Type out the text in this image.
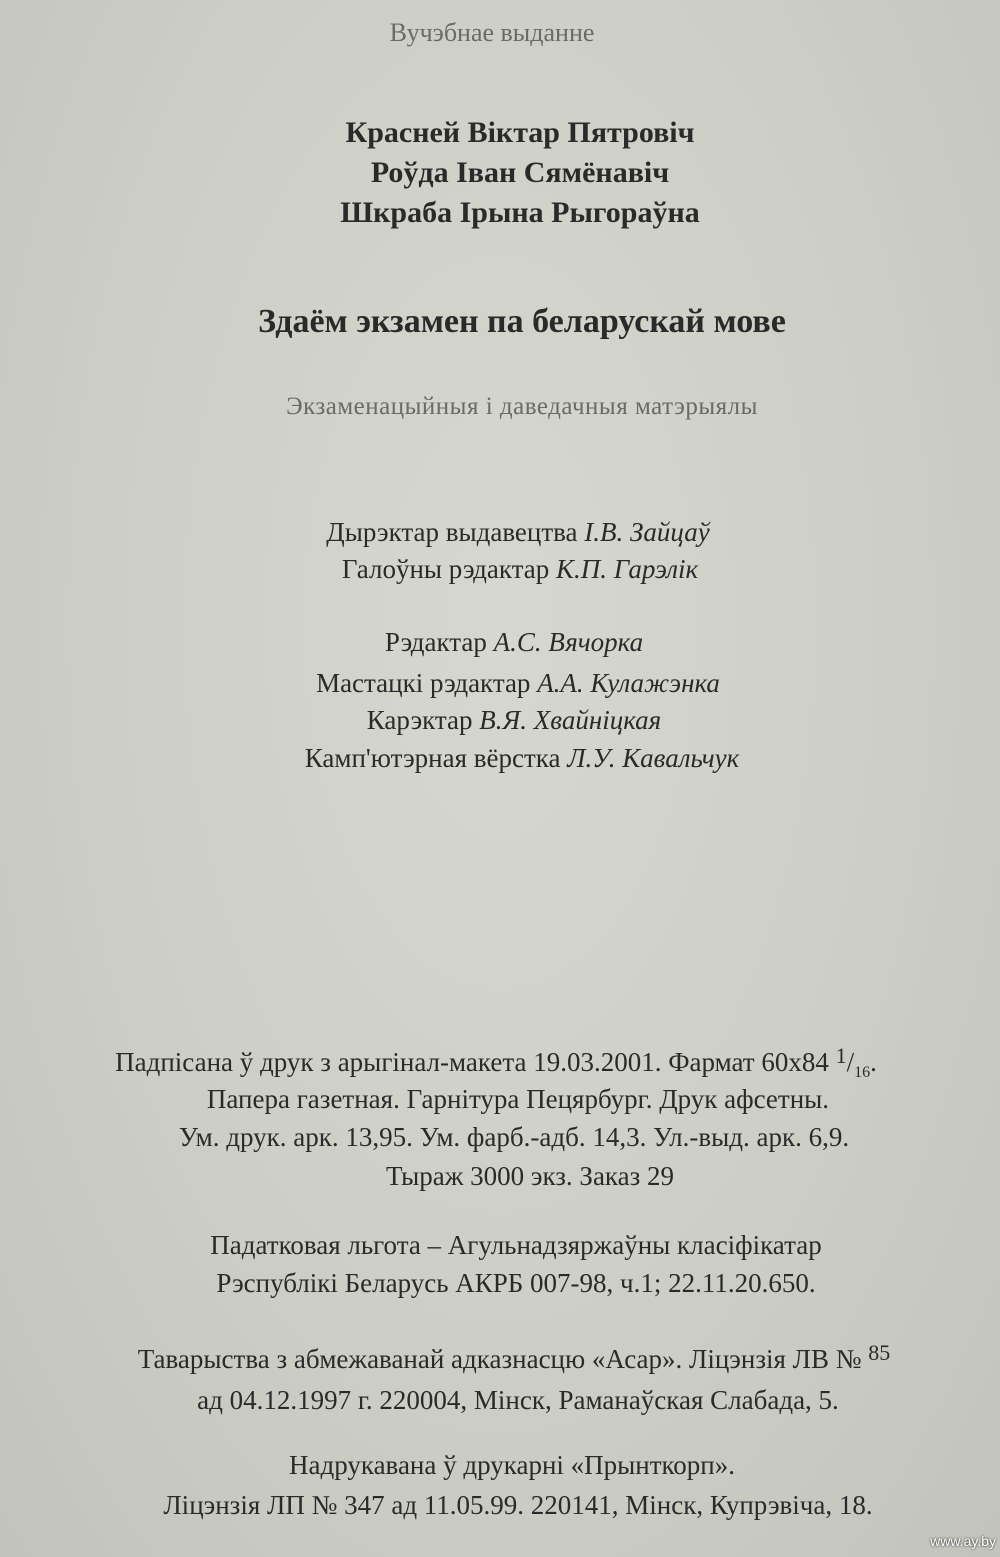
Вучэбнае выданне
Красней Віктар Пятровіч
Роўда Іван Сямёнавіч
Шкраба Ірына Рыгораўна
Здаём экзамен па беларускай мове
Экзаменацыйныя і даведачныя матэрыялы
Дырэктар выдавецтва І.В. Зайцаў
Галоўны рэдактар К.П. Гарэлік
Рэдактар А.С. Вячорка
Мастацкі рэдактар А.А. Кулажэнка
Карэктар В.Я. Хвайніцкая
Камп'ютэрная вёрстка Л.У. Кавальчук
Падпісана ў друк з арыгінал-макета 19.03.2001. Фармат 60x84 $^1/_{16}$.
Папера газетная. Гарнітура Пецярбург. Друк афсетны.
Ум. друк. арк. 13,95. Ум. фарб.-адб. 14,3. Ул.-выд. арк. 6,9.
Тыраж 3000 экз. Заказ 29
Падатковая льгота – Агульнадзяржаўны класіфікатар
Рэспублікі Беларусь АКРБ 007-98, ч.1; 22.11.20.650.
Таварыства з абмежаванай адказнасцю «Асар». Ліцэнзія ЛВ № $^{85}$
ад 04.12.1997 г. 220004, Мінск, Раманаўская Слабада, 5.
Надрукавана ў друкарні «Прынткорп».
Ліцэнзія ЛП № 347 ад 11.05.99. 220141, Мінск, Купрэвіча, 18.
www.ay.by
